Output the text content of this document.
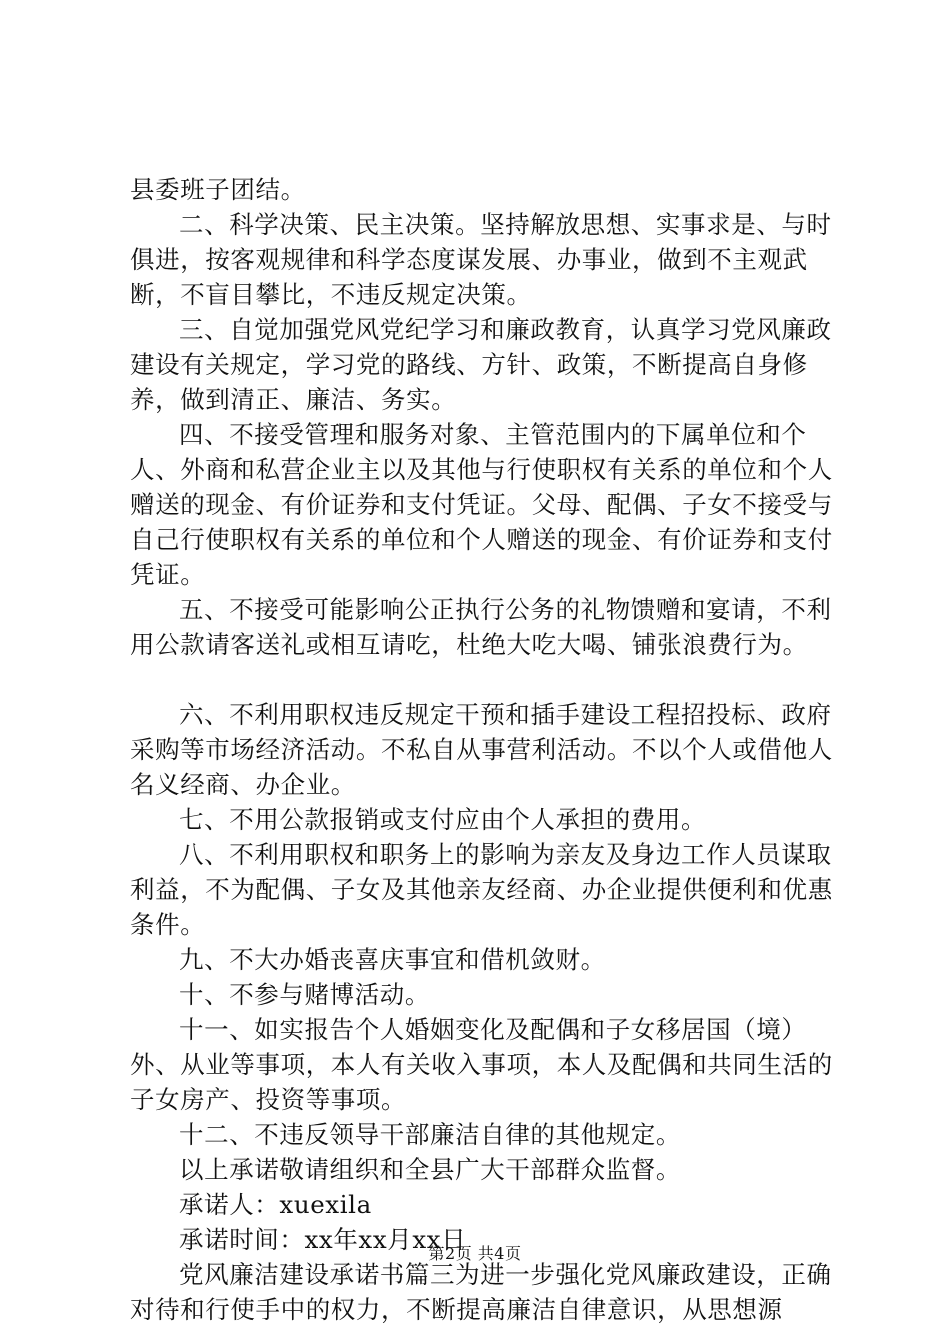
县委班子团结。

二、科学决策、民主决策。坚持解放思想、实事求是、与时俱进，按客观规律和科学态度谋发展、办事业，做到不主观武断，不盲目攀比，不违反规定决策。

三、自觉加强党风党纪学习和廉政教育，认真学习党风廉政建设有关规定，学习党的路线、方针、政策，不断提高自身修养，做到清正、廉洁、务实。

四、不接受管理和服务对象、主管范围内的下属单位和个人、外商和私营企业主以及其他与行使职权有关系的单位和个人赠送的现金、有价证券和支付凭证。父母、配偶、子女不接受与自己行使职权有关系的单位和个人赠送的现金、有价证券和支付凭证。

五、不接受可能影响公正执行公务的礼物馈赠和宴请，不利用公款请客送礼或相互请吃，杜绝大吃大喝、铺张浪费行为。

六、不利用职权违反规定干预和插手建设工程招投标、政府采购等市场经济活动。不私自从事营利活动。不以个人或借他人名义经商、办企业。

七、不用公款报销或支付应由个人承担的费用。

八、不利用职权和职务上的影响为亲友及身边工作人员谋取利益，不为配偶、子女及其他亲友经商、办企业提供便利和优惠条件。

九、不大办婚丧喜庆事宜和借机敛财。

十、不参与赌博活动。

十一、如实报告个人婚姻变化及配偶和子女移居国（境）外、从业等事项，本人有关收入事项，本人及配偶和共同生活的子女房产、投资等事项。

十二、不违反领导干部廉洁自律的其他规定。

以上承诺敬请组织和全县广大干部群众监督。

承诺人：xuexila

承诺时间：xx年xx月xx日

党风廉洁建设承诺书篇三为进一步强化党风廉政建设，正确对待和行使手中的权力，不断提高廉洁自律意识，从思想源

第2页 共4页
